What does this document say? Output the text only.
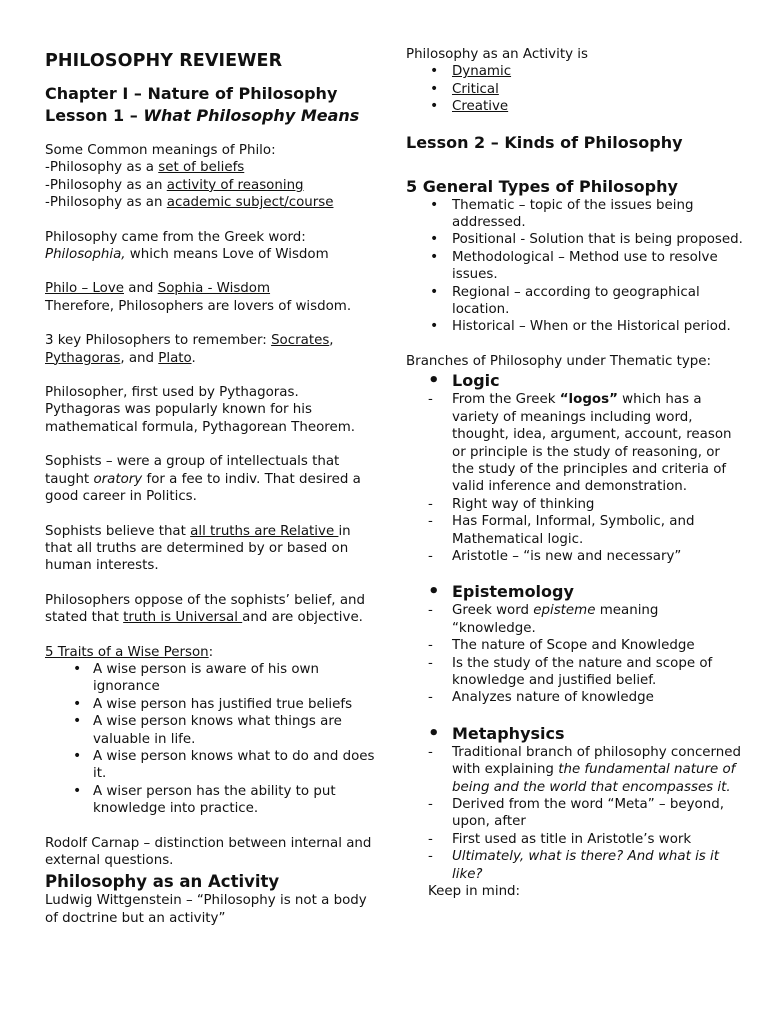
PHILOSOPHY REVIEWER
Chapter I – Nature of Philosophy
Lesson 1 – What Philosophy Means

Some Common meanings of Philo:

-Philosophy as a set of beliefs

-Philosophy as an activity of reasoning

-Philosophy as an academic subject/course

Philosophy came from the Greek word:

Philosophia, which means Love of Wisdom

Philo – Love and Sophia - Wisdom

Therefore, Philosophers are lovers of wisdom.

3 key Philosophers to remember: Socrates, Pythagoras, and Plato.

Philosopher, first used by Pythagoras. Pythagoras was popularly known for his mathematical formula, Pythagorean Theorem.

Sophists – were a group of intellectuals that taught oratory for a fee to indiv. That desired a good career in Politics.

Sophists believe that all truths are Relative in that all truths are determined by or based on human interests.

Philosophers oppose of the sophists’ belief, and stated that truth is Universal and are objective.

5 Traits of a Wise Person:

• A wise person is aware of his own ignorance
• A wise person has justified true beliefs
• A wise person knows what things are valuable in life.
• A wise person knows what to do and does it.
• A wiser person has the ability to put knowledge into practice.

Rodolf Carnap – distinction between internal and external questions.

Philosophy as an Activity

Ludwig Wittgenstein – “Philosophy is not a body of doctrine but an activity”

Philosophy as an Activity is

• Dynamic
• Critical
• Creative
Lesson 2 – Kinds of Philosophy
5 General Types of Philosophy
• Thematic – topic of the issues being addressed.
• Positional - Solution that is being proposed.
• Methodological – Method use to resolve issues.
• Regional – according to geographical location.
• Historical – When or the Historical period.

Branches of Philosophy under Thematic type:

• Logic

- From the Greek “logos” which has a variety of meanings including word, thought, idea, argument, account, reason or principle is the study of reasoning, or the study of the principles and criteria of valid inference and demonstration.
- Right way of thinking
- Has Formal, Informal, Symbolic, and Mathematical logic.
- Aristotle – “is new and necessary”

• Epistemology

- Greek word episteme meaning “knowledge.
- The nature of Scope and Knowledge
- Is the study of the nature and scope of knowledge and justified belief.
- Analyzes nature of knowledge

• Metaphysics

- Traditional branch of philosophy concerned with explaining the fundamental nature of being and the world that encompasses it.
- Derived from the word “Meta” – beyond, upon, after
- First used as title in Aristotle’s work
- Ultimately, what is there? And what is it like?

Keep in mind:
